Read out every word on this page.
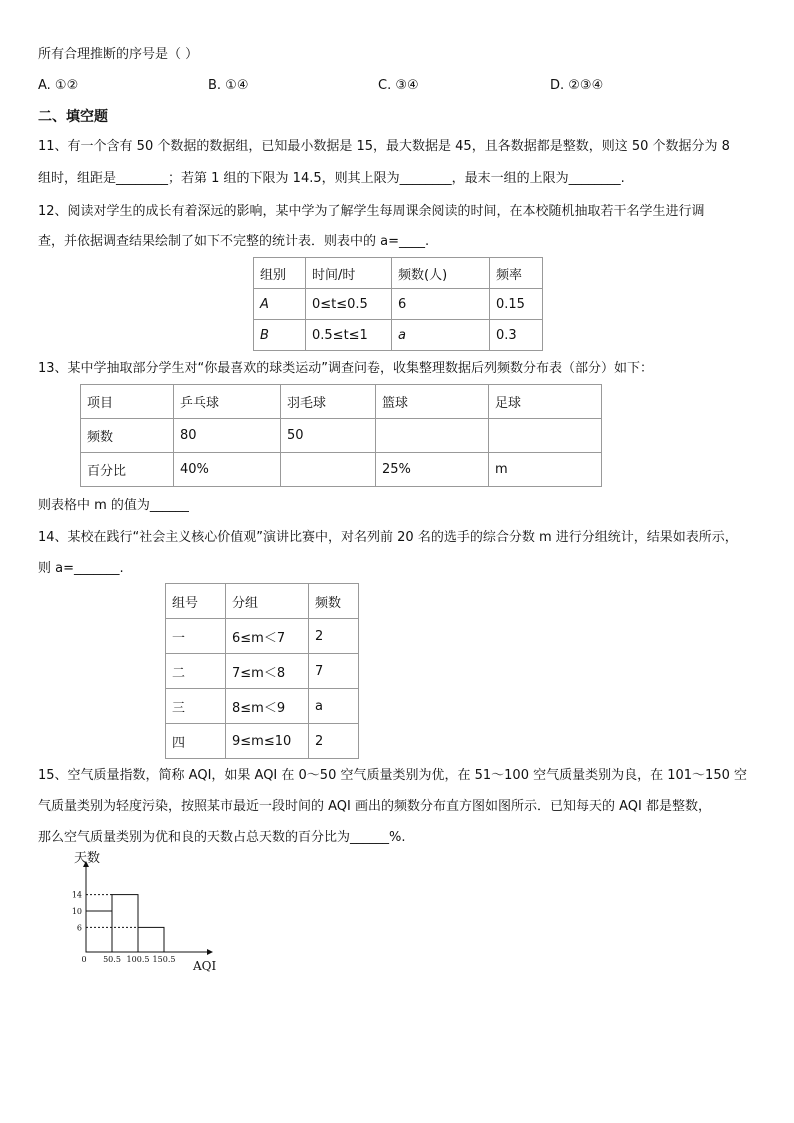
所有合理推断的序号是（ ）
A. ①②	B. ①④	C. ③④	D. ②③④
二、填空题
11、有一个含有 50 个数据的数据组，已知最小数据是 15，最大数据是 45，且各数据都是整数，则这 50 个数据分为 8
组时，组距是________；若第 1 组的下限为 14.5，则其上限为________，最末一组的上限为________.
12、阅读对学生的成长有着深远的影响，某中学为了解学生每周课余阅读的时间，在本校随机抽取若干名学生进行调
查，并依据调查结果绘制了如下不完整的统计表．则表中的 a=____.
组别	时间/时	频数(人)	频率
A	0≤t≤0.5	6	0.15
B	0.5≤t≤1	a	0.3
13、某中学抽取部分学生对“你最喜欢的球类运动”调查问卷，收集整理数据后列频数分布表（部分）如下：
项目	乒乓球	羽毛球	篮球	足球
频数	80	50		
百分比	40%		25%	m
则表格中 m 的值为______
14、某校在践行“社会主义核心价值观”演讲比赛中，对名列前 20 名的选手的综合分数 m 进行分组统计，结果如表所示，
则 a=_______.
组号	分组	频数
一	6≤m＜7	2
二	7≤m＜8	7
三	8≤m＜9	a
四	9≤m≤10	2
15、空气质量指数，简称 AQI，如果 AQI 在 0～50 空气质量类别为优，在 51～100 空气质量类别为良，在 101～150 空
气质量类别为轻度污染，按照某市最近一段时间的 AQI 画出的频数分布直方图如图所示．已知每天的 AQI 都是整数，
那么空气质量类别为优和良的天数占总天数的百分比为______%.
天数
AQI
14
10
6
0 50.5 100.5 150.5
